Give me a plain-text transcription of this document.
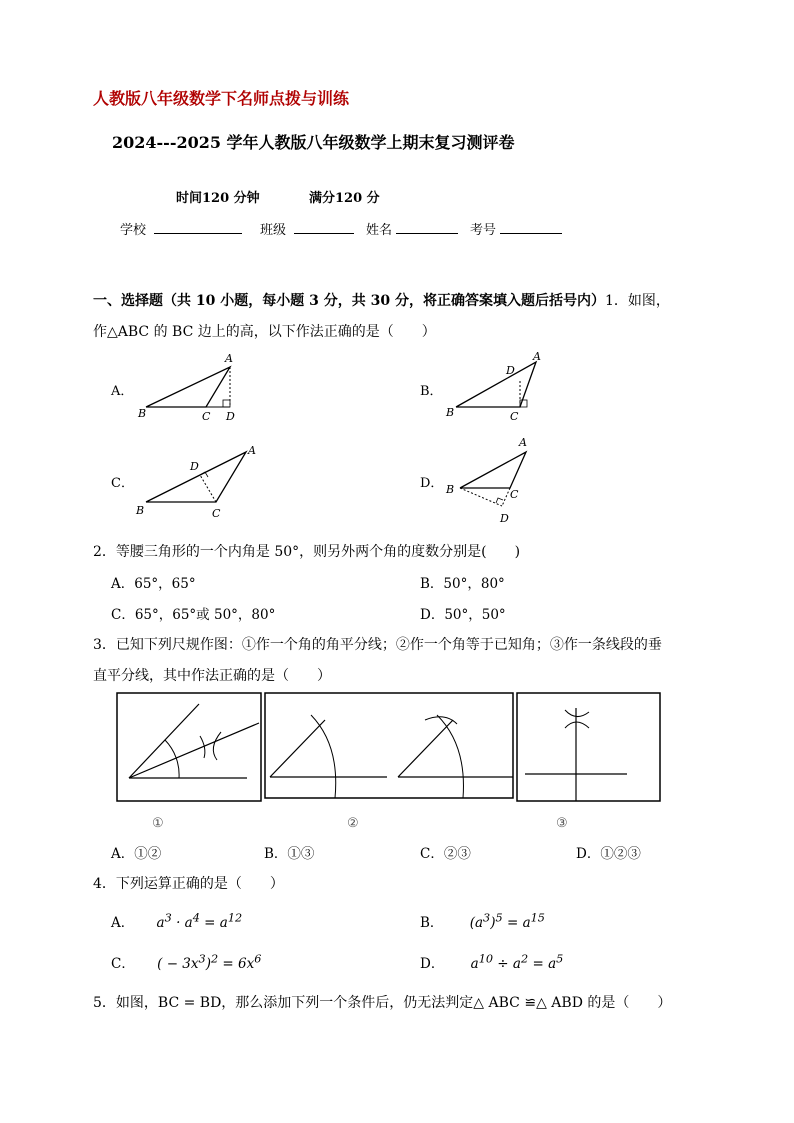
人教版八年级数学下名师点拨与训练
2024---2025 学年人教版八年级数学上期末复习测评卷
时间120 分钟	满分120 分
学校	班级	姓名	考号
一、选择题（共 10 小题，每小题 3 分，共 30 分，将正确答案填入题后括号内）1．如图，
作△ABC 的 BC 边上的高，以下作法正确的是（　　）
A．	B．
C．	D．
A
B	C D
A
D
B	C
A
D
B	C
A
B	C
D
2．等腰三角形的一个内角是 50°，则另外两个角的度数分别是(　　)
A．65°，65°	B．50°，80°
C．65°，65°或 50°，80°	D．50°，50°
3．已知下列尺规作图：①作一个角的角平分线；②作一个角等于已知角；③作一条线段的垂
直平分线，其中作法正确的是（　　）
①	②	③
A．①②	B．①③	C．②③	D．①②③
4．下列运算正确的是（　　）
A． $a^3 \cdot a^4 = a^{12}$	B． $(a^3)^5 = a^{15}$
C． ( − $3x^3)^2 = 6x^6$	D． $a^{10} \div a^2 = a^5$
5．如图，BC = BD，那么添加下列一个条件后，仍无法判定△ ABC ≌△ ABD 的是（　　）
